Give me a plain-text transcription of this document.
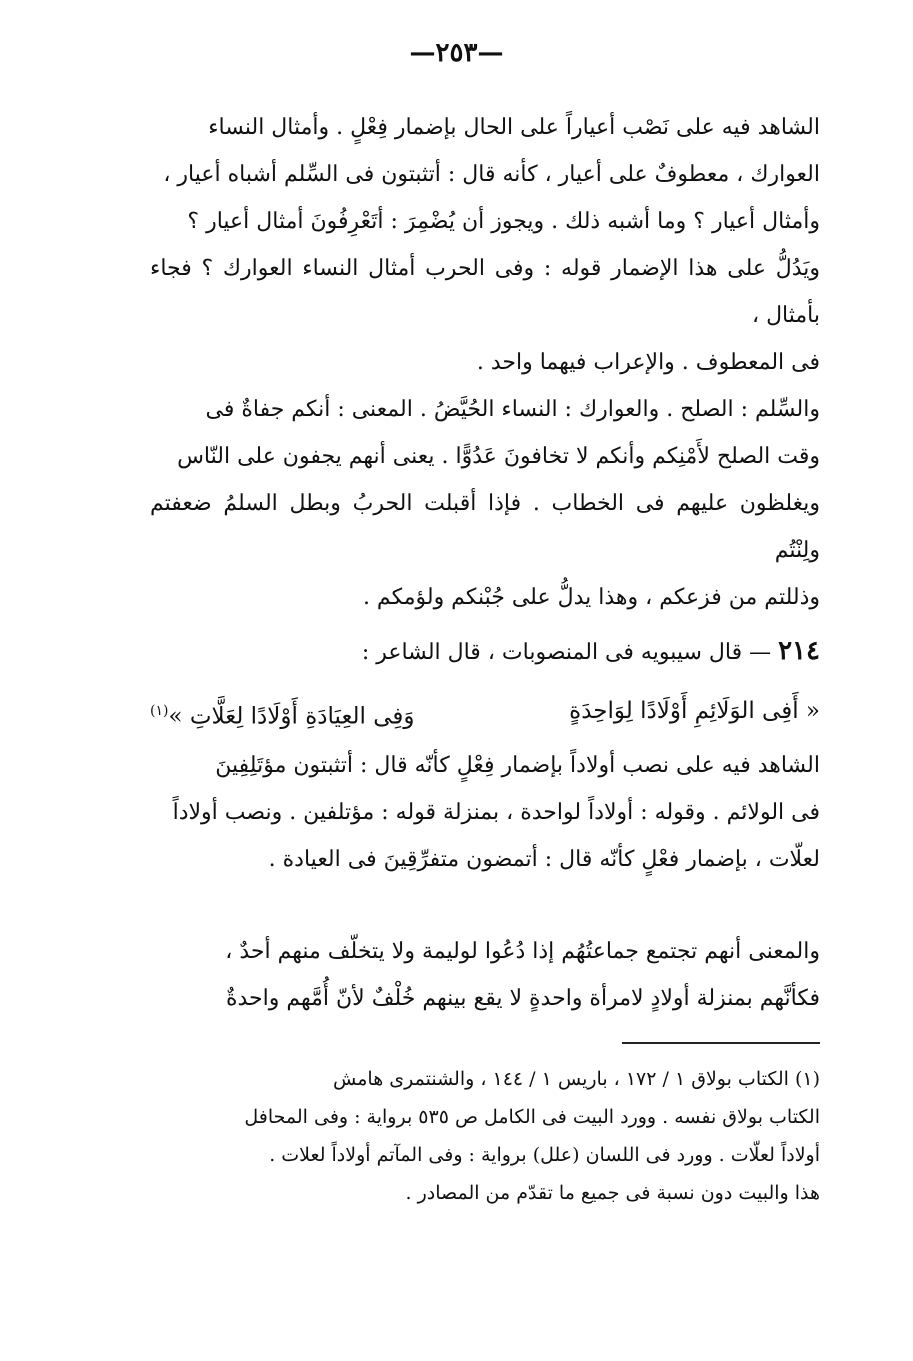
—٢٥٣—
الشاهد فيه على نَصْب أعياراً على الحال بإضمار فِعْلٍ . وأمثال النساء
العوارك ، معطوفٌ على أعيار ، كأنه قال : أتثبتون فى السِّلم أشباه أعيار ،
وأمثال أعيار ؟ وما أشبه ذلك . ويجوز أن يُضْمِرَ : أتَعْرِفُونَ أمثال أعيار ؟
ويَدُلُّ على هذا الإضمار قوله : وفى الحرب أمثال النساء العوارك ؟ فجاء بأمثال ،
فى المعطوف . والإعراب فيهما واحد .
والسِّلم : الصلح . والعوارك : النساء الحُيَّضُ . المعنى : أنكم جفاةٌ فى
وقت الصلح لأَمْنِكم وأنكم لا تخافونَ عَدُوًّا . يعنى أنهم يجفون على النّاس
ويغلظون عليهم فى الخطاب . فإذا أقبلت الحربُ وبطل السلمُ ضعفتم ولِنْتُم
وذللتم من فزعكم ، وهذا يدلُّ على جُبْنكم ولؤمكم .
٢١٤ — قال سيبويه فى المنصوبات ، قال الشاعر :
« أَفِى الوَلَائِمِ أَوْلَادًا لِوَاحِدَةٍ
وَفِى العِيَادَةِ أَوْلَادًا لِعَلَّاتِ »$^{(١)}$
الشاهد فيه على نصب أولاداً بإضمار فِعْلٍ كأنّه قال : أتثبتون مؤتَلِفِينَ
فى الولائم . وقوله : أولاداً لواحدة ، بمنزلة قوله : مؤتلفين . ونصب أولاداً
لعلّات ، بإضمار فعْلٍ كأنّه قال : أتمضون متفرِّقِينَ فى العيادة .
والمعنى أنهم تجتمع جماعتُهُم إذا دُعُوا لوليمة ولا يتخلّف منهم أحدٌ ،
فكأنَّهم بمنزلة أولادٍ لامرأة واحدةٍ لا يقع بينهم خُلْفٌ لأنّ أُمَّهم واحدةٌ
(١) الكتاب بولاق ١ / ١٧٢ ، باريس ١ / ١٤٤ ، والشنتمرى هامش
الكتاب بولاق نفسه . وورد البيت فى الكامل ص ٥٣٥ برواية : وفى المحافل
أولاداً لعلّات . وورد فى اللسان (علل) برواية : وفى المآتم أولاداً لعلات .
هذا والبيت دون نسبة فى جميع ما تقدّم من المصادر .
